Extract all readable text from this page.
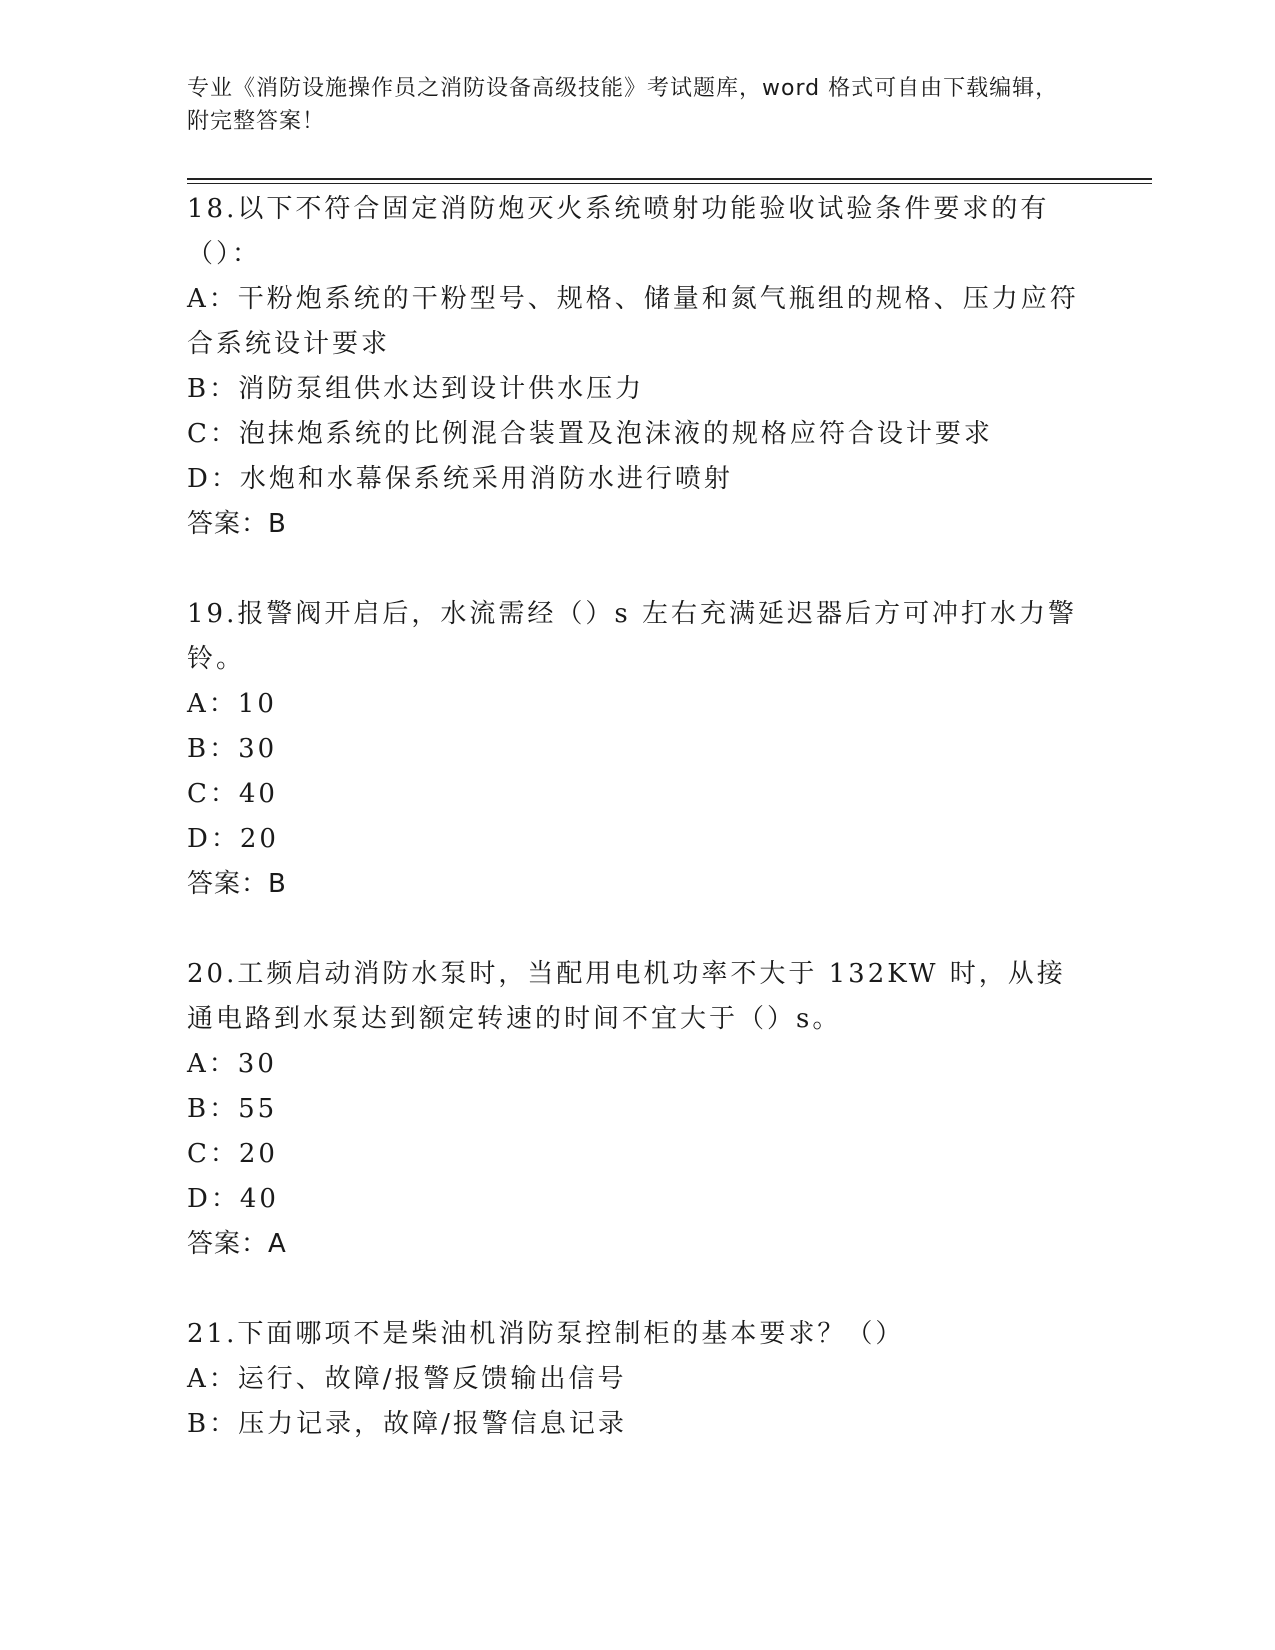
专业《消防设施操作员之消防设备高级技能》考试题库，word 格式可自由下载编辑，附完整答案！

18.以下不符合固定消防炮灭火系统喷射功能验收试验条件要求的有（）：

A：干粉炮系统的干粉型号、规格、储量和氮气瓶组的规格、压力应符合系统设计要求

B：消防泵组供水达到设计供水压力

C：泡抹炮系统的比例混合装置及泡沫液的规格应符合设计要求

D：水炮和水幕保系统采用消防水进行喷射

答案：B

19.报警阀开启后，水流需经（）s 左右充满延迟器后方可冲打水力警铃。

A：10

B：30

C：40

D：20

答案：B

20.工频启动消防水泵时，当配用电机功率不大于 132KW 时，从接通电路到水泵达到额定转速的时间不宜大于（）s。

A：30

B：55

C：20

D：40

答案：A

21.下面哪项不是柴油机消防泵控制柜的基本要求？（）

A：运行、故障/报警反馈输出信号

B：压力记录，故障/报警信息记录
